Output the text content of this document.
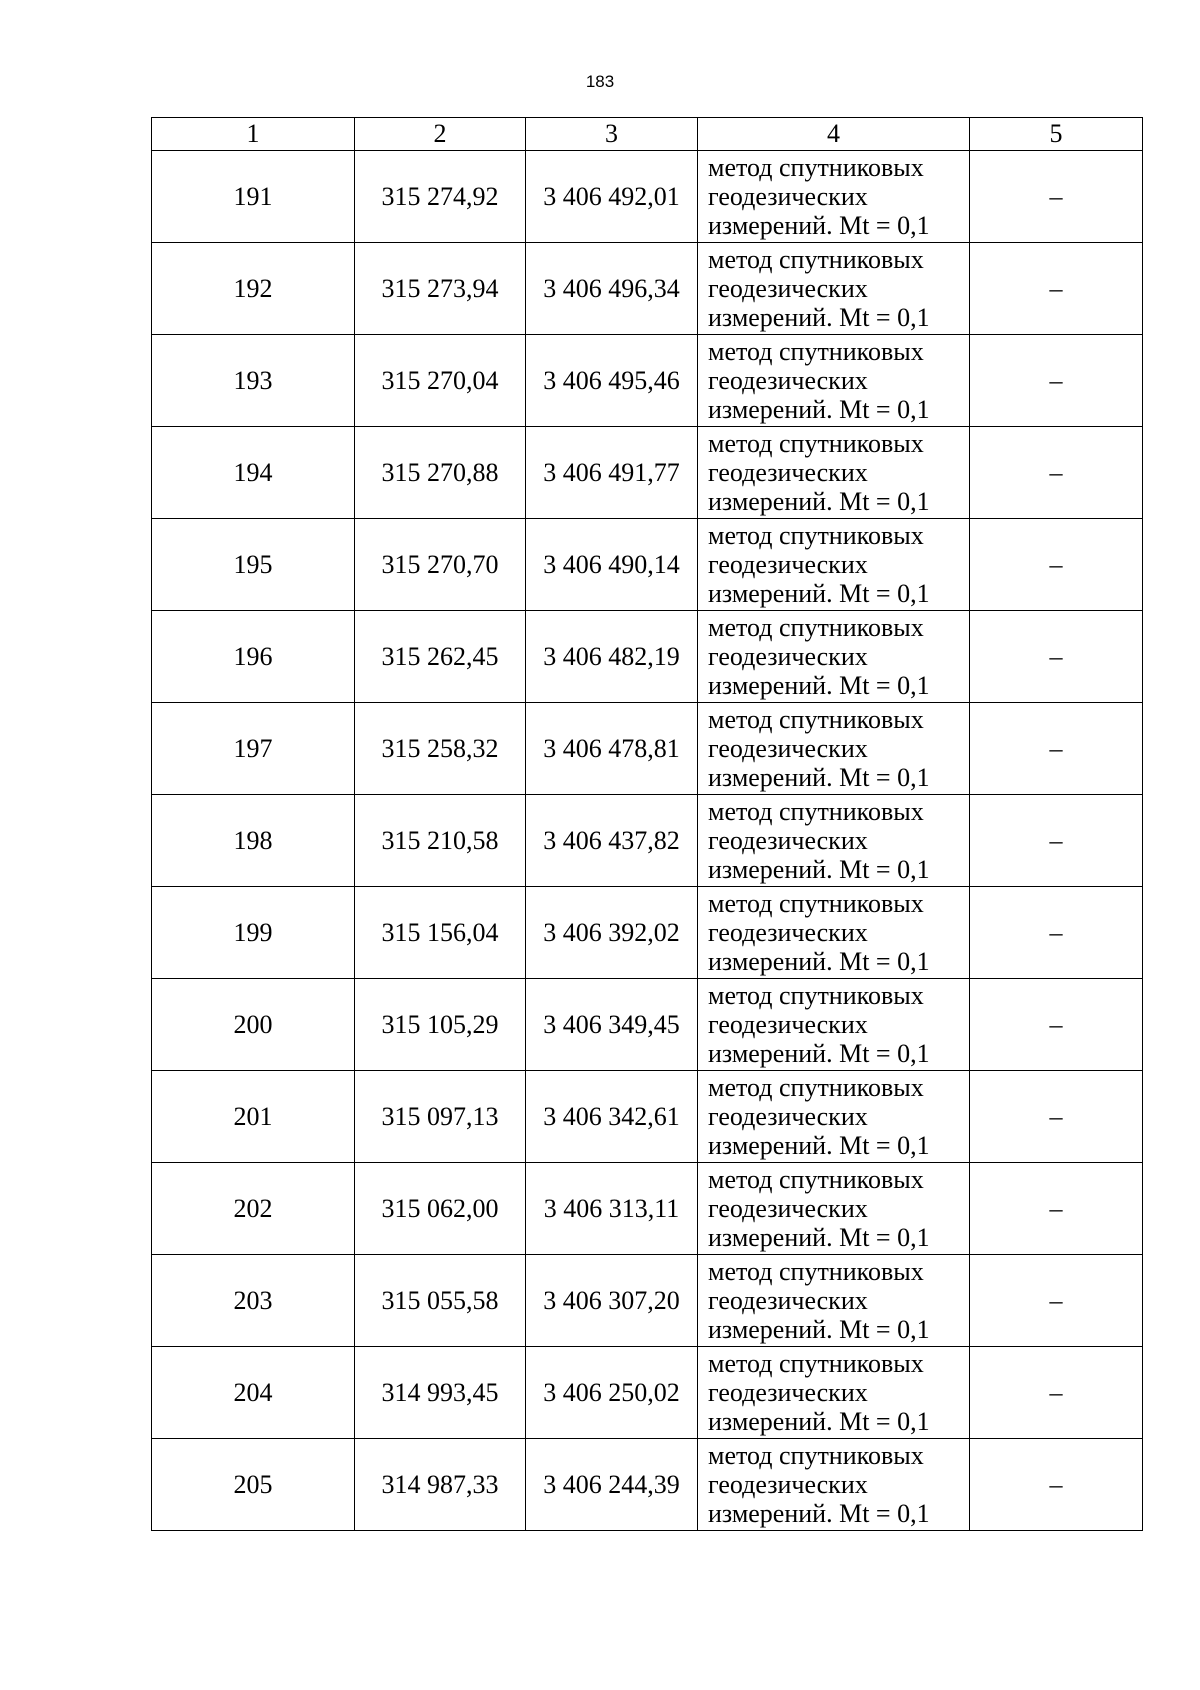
183
1	2	3	4	5
191	315 274,92	3 406 492,01	метод спутниковых
геодезических
измерений. Mt = 0,1	–
192	315 273,94	3 406 496,34	метод спутниковых
геодезических
измерений. Mt = 0,1	–
193	315 270,04	3 406 495,46	метод спутниковых
геодезических
измерений. Mt = 0,1	–
194	315 270,88	3 406 491,77	метод спутниковых
геодезических
измерений. Mt = 0,1	–
195	315 270,70	3 406 490,14	метод спутниковых
геодезических
измерений. Mt = 0,1	–
196	315 262,45	3 406 482,19	метод спутниковых
геодезических
измерений. Mt = 0,1	–
197	315 258,32	3 406 478,81	метод спутниковых
геодезических
измерений. Mt = 0,1	–
198	315 210,58	3 406 437,82	метод спутниковых
геодезических
измерений. Mt = 0,1	–
199	315 156,04	3 406 392,02	метод спутниковых
геодезических
измерений. Mt = 0,1	–
200	315 105,29	3 406 349,45	метод спутниковых
геодезических
измерений. Mt = 0,1	–
201	315 097,13	3 406 342,61	метод спутниковых
геодезических
измерений. Mt = 0,1	–
202	315 062,00	3 406 313,11	метод спутниковых
геодезических
измерений. Mt = 0,1	–
203	315 055,58	3 406 307,20	метод спутниковых
геодезических
измерений. Mt = 0,1	–
204	314 993,45	3 406 250,02	метод спутниковых
геодезических
измерений. Mt = 0,1	–
205	314 987,33	3 406 244,39	метод спутниковых
геодезических
измерений. Mt = 0,1	–
